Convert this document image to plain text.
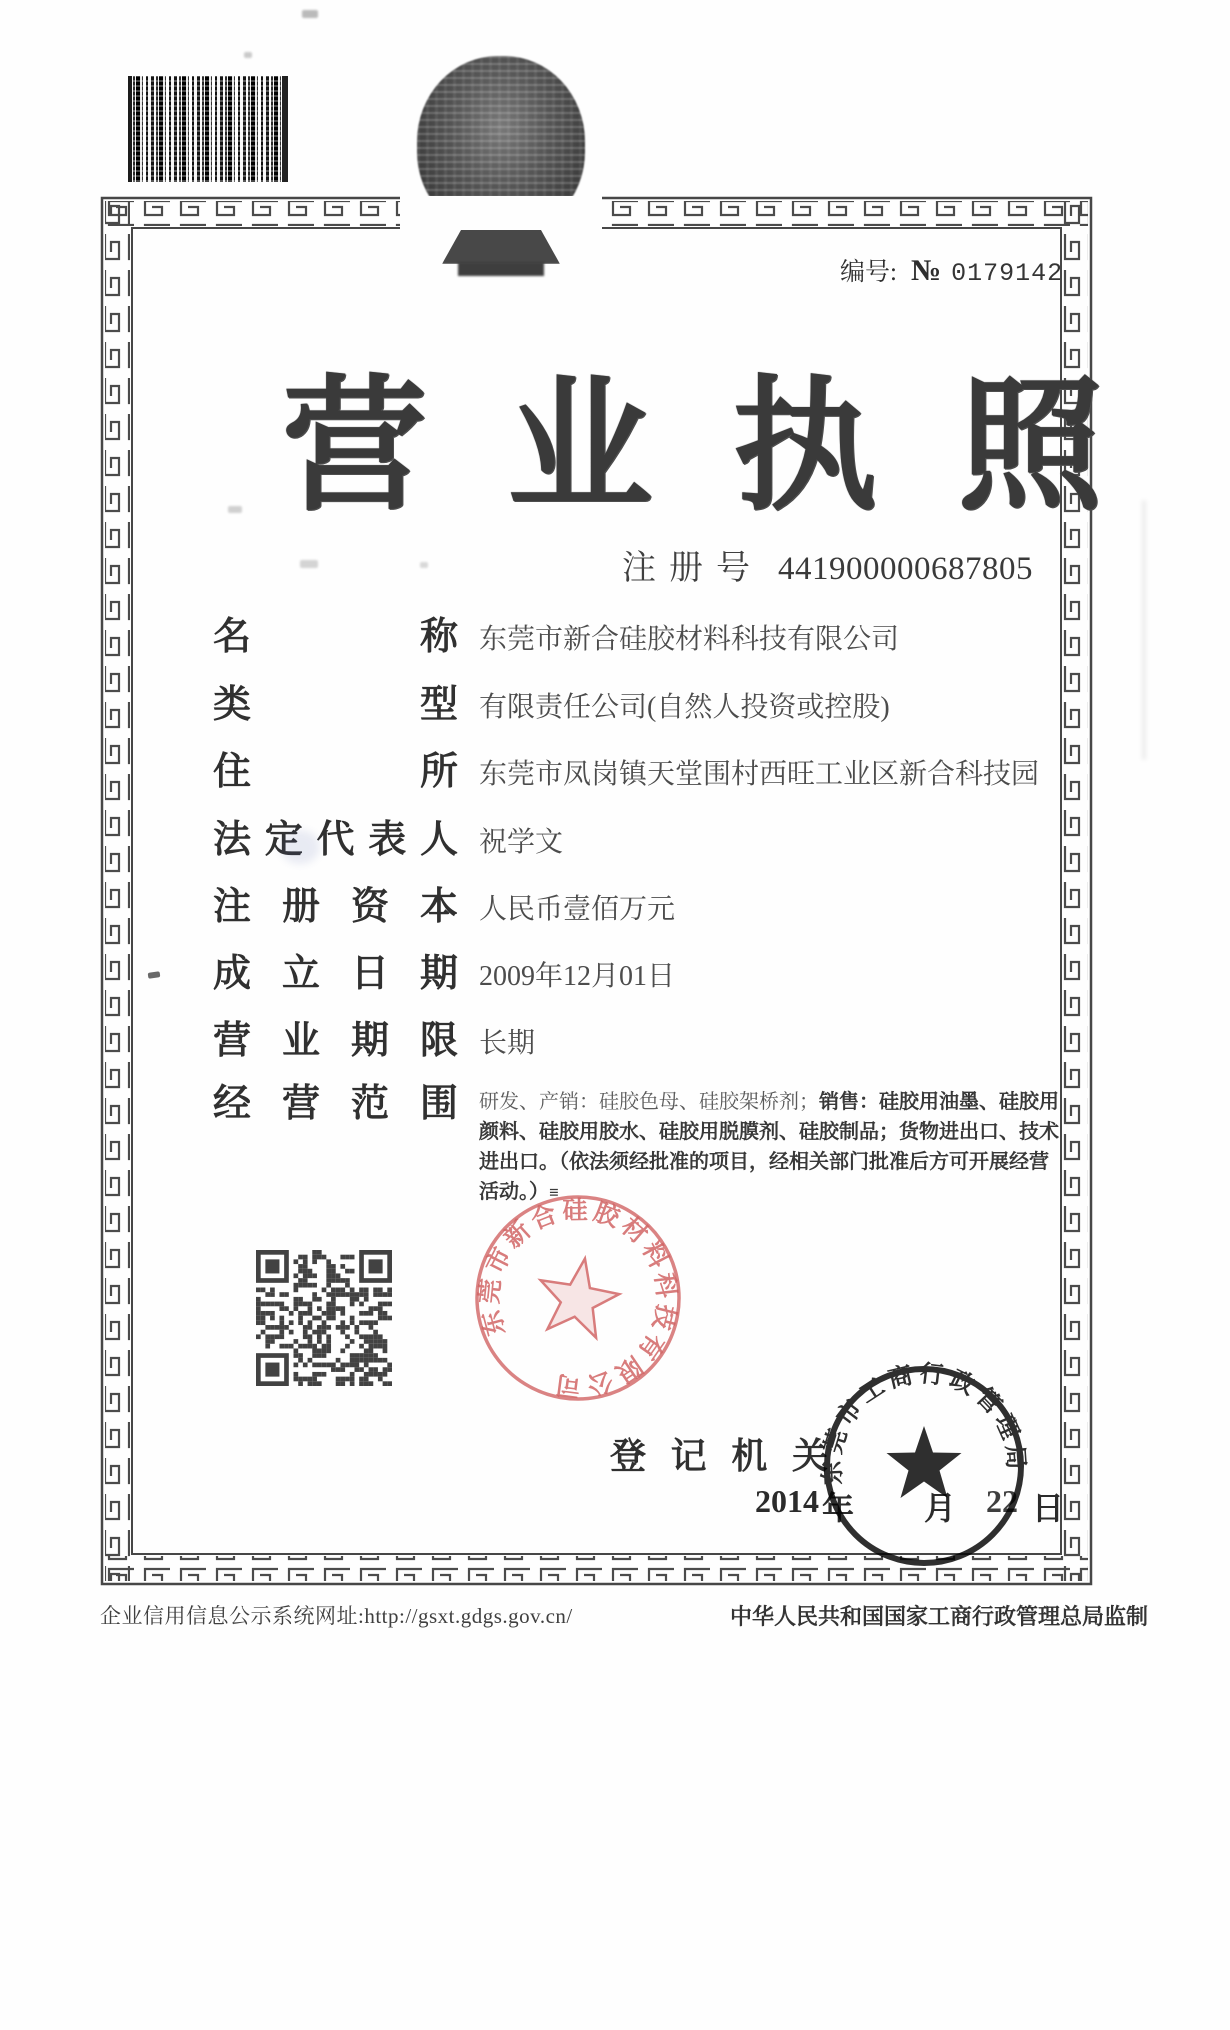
编号: № 0179142
营 业 执 照
注册号 441900000687805
名称 东莞市新合硅胶材料科技有限公司
类型 有限责任公司(自然人投资或控股)
住所 东莞市凤岗镇天堂围村西旺工业区新合科技园
法定代表人 祝学文
注册资本 人民币壹佰万元
成立日期 2009年12月01日
营业期限 长期
经营范围 研发、产销：硅胶色母、硅胶架桥剂；销售：硅胶用油墨、硅胶用颜料、硅胶用胶水、硅胶用脱膜剂、硅胶制品；货物进出口、技术进出口。（依法须经批准的项目，经相关部门批准后方可开展经营活动。）≡
登记机关
2014 年 月 22 日
东莞市新合硅胶材料科技有限公司
东莞市工商行政管理局
企业信用信息公示系统网址:http://gsxt.gdgs.gov.cn/	中华人民共和国国家工商行政管理总局监制
